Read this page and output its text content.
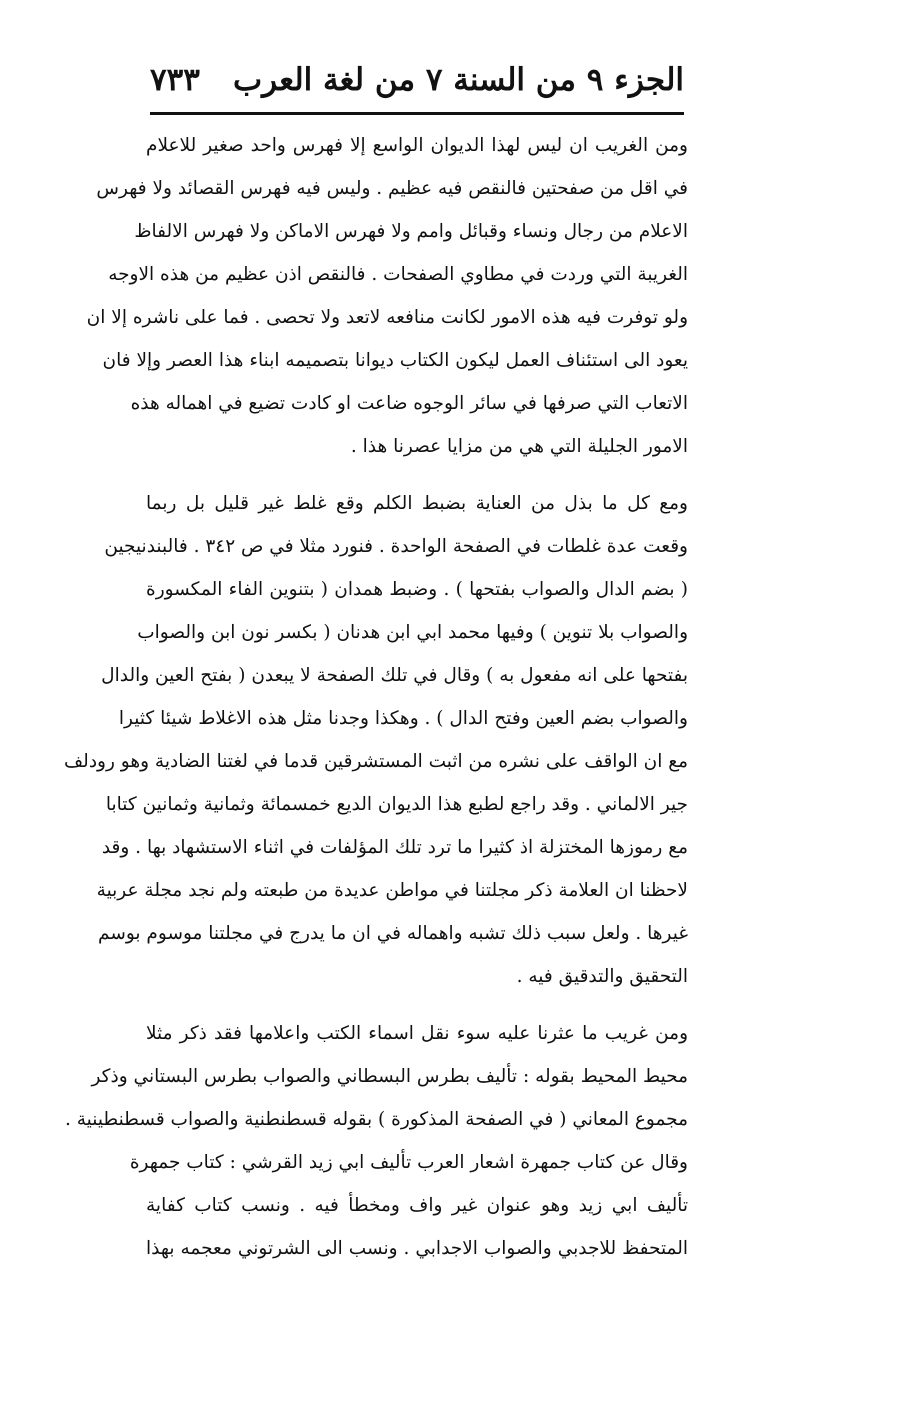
الجزء ٩ من السنة ٧ من لغة العرب
٧٣٣
ومن الغريب ان ليس لهذا الديوان الواسع إلا فهرس واحد صغير للاعلام
في اقل من صفحتين فالنقص فيه عظيم . وليس فيه فهرس القصائد ولا فهرس
الاعلام من رجال ونساء وقبائل وامم ولا فهرس الاماكن ولا فهرس الالفاظ
الغريبة التي وردت في مطاوي الصفحات . فالنقص اذن عظيم من هذه الاوجه
ولو توفرت فيه هذه الامور لكانت منافعه لاتعد ولا تحصى . فما على ناشره إلا ان
يعود الى استئناف العمل ليكون الكتاب ديوانا بتصميمه ابناء هذا العصر وإلا فان
الاتعاب التي صرفها في سائر الوجوه ضاعت او كادت تضيع في اهماله هذه
الامور الجليلة التي هي من مزايا عصرنا هذا .
ومع كل ما بذل من العناية بضبط الكلم وقع غلط غير قليل بل ربما
وقعت عدة غلطات في الصفحة الواحدة . فنورد مثلا في ص ٣٤٢ . فالبندنيجين
( بضم الدال والصواب بفتحها ) . وضبط همدان ( بتنوين الفاء المكسورة
والصواب بلا تنوين ) وفيها محمد ابي ابن هدنان ( بكسر نون ابن والصواب
بفتحها على انه مفعول به ) وقال في تلك الصفحة لا يبعدن ( بفتح العين والدال
والصواب بضم العين وفتح الدال ) . وهكذا وجدنا مثل هذه الاغلاط شيئا كثيرا
مع ان الواقف على نشره من اثبت المستشرقين قدما في لغتنا الضادية وهو رودلف
جير الالماني . وقد راجع لطبع هذا الديوان الديع خمسمائة وثمانية وثمانين كتابا
مع رموزها المختزلة اذ كثيرا ما ترد تلك المؤلفات في اثناء الاستشهاد بها . وقد
لاحظنا ان العلامة ذكر مجلتنا في مواطن عديدة من طبعته ولم نجد مجلة عربية
غيرها . ولعل سبب ذلك تشبه واهماله في ان ما يدرج في مجلتنا موسوم بوسم
التحقيق والتدقيق فيه .
ومن غريب ما عثرنا عليه سوء نقل اسماء الكتب واعلامها فقد ذكر مثلا
محيط المحيط بقوله : تأليف بطرس البسطاني والصواب بطرس البستاني وذكر
مجموع المعاني ( في الصفحة المذكورة ) بقوله قسطنطنية والصواب قسطنطينية .
وقال عن كتاب جمهرة اشعار العرب تأليف ابي زيد القرشي : كتاب جمهرة
تأليف ابي زيد وهو عنوان غير واف ومخطأ فيه . ونسب كتاب كفاية
المتحفظ للاجدبي والصواب الاجدابي . ونسب الى الشرتوني معجمه بهذا
